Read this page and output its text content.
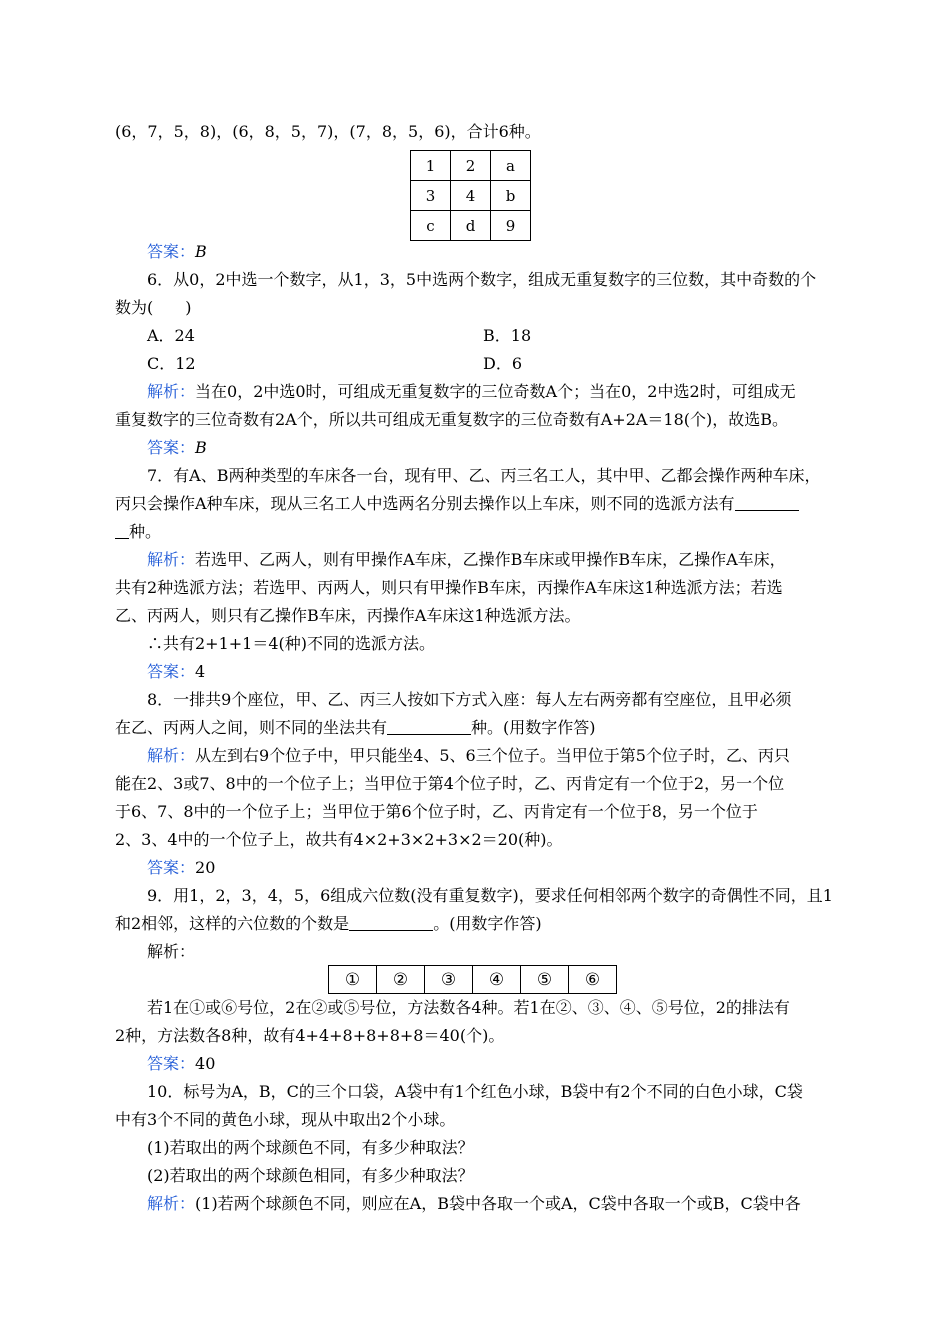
(6，7，5，8)，(6，8，5，7)，(7，8，5，6)，合计6种。
1	2	a
3	4	b
c	d	9
答案：B
6．从0，2中选一个数字，从1，3，5中选两个数字，组成无重复数字的三位数，其中奇数的个
数为(　　)
A．24	B．18
C．12	D．6
解析：当在0，2中选0时，可组成无重复数字的三位奇数A个；当在0，2中选2时，可组成无
重复数字的三位奇数有2A个，所以共可组成无重复数字的三位奇数有A+2A＝18(个)，故选B。
答案：B
7．有A、B两种类型的车床各一台，现有甲、乙、丙三名工人，其中甲、乙都会操作两种车床，
丙只会操作A种车床，现从三名工人中选两名分别去操作以上车床，则不同的选派方法有
种。
解析：若选甲、乙两人，则有甲操作A车床，乙操作B车床或甲操作B车床，乙操作A车床，
共有2种选派方法；若选甲、丙两人，则只有甲操作B车床，丙操作A车床这1种选派方法；若选
乙、丙两人，则只有乙操作B车床，丙操作A车床这1种选派方法。
∴共有2+1+1＝4(种)不同的选派方法。
答案：4
8．一排共9个座位，甲、乙、丙三人按如下方式入座：每人左右两旁都有空座位，且甲必须
在乙、丙两人之间，则不同的坐法共有	种。(用数字作答)
解析：从左到右9个位子中，甲只能坐4、5、6三个位子。当甲位于第5个位子时，乙、丙只
能在2、3或7、8中的一个位子上；当甲位于第4个位子时，乙、丙肯定有一个位于2，另一个位
于6、7、8中的一个位子上；当甲位于第6个位子时，乙、丙肯定有一个位于8，另一个位于
2、3、4中的一个位子上，故共有4×2+3×2+3×2＝20(种)。
答案：20
9．用1，2，3，4，5，6组成六位数(没有重复数字)，要求任何相邻两个数字的奇偶性不同，且1
和2相邻，这样的六位数的个数是	。(用数字作答)
解析：
①	②	③	④	⑤	⑥
若1在①或⑥号位，2在②或⑤号位，方法数各4种。若1在②、③、④、⑤号位，2的排法有
2种，方法数各8种，故有4+4+8+8+8+8＝40(个)。
答案：40
10．标号为A，B，C的三个口袋，A袋中有1个红色小球，B袋中有2个不同的白色小球，C袋
中有3个不同的黄色小球，现从中取出2个小球。
(1)若取出的两个球颜色不同，有多少种取法？
(2)若取出的两个球颜色相同，有多少种取法？
解析：(1)若两个球颜色不同，则应在A，B袋中各取一个或A，C袋中各取一个或B，C袋中各
